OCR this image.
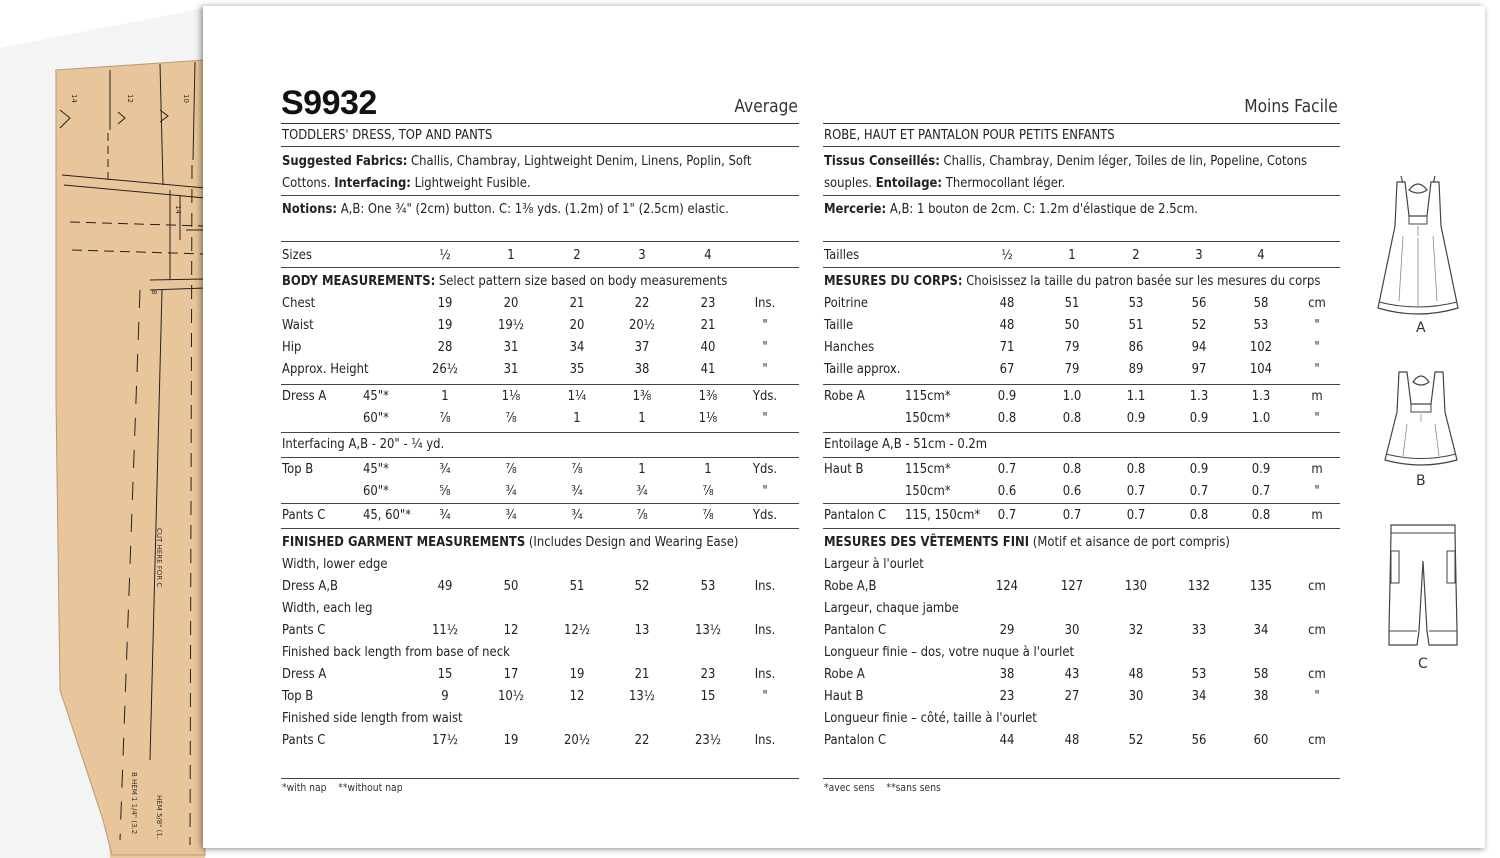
14	12	10
14
8
CUT HERE FOR C
B HEM 1 1/4" (3.2 HEM 5/8" (1.
S9932	Average
TODDLERS' DRESS, TOP AND PANTS
Suggested Fabrics: Challis, Chambray, Lightweight Denim, Linens, Poplin, Soft
Cottons. Interfacing: Lightweight Fusible.
Notions: A,B: One ¾" (2cm) button. C: 1⅜ yds. (1.2m) of 1" (2.5cm) elastic.
Moins Facile
ROBE, HAUT ET PANTALON POUR PETITS ENFANTS
Tissus Conseillés: Challis, Chambray, Denim léger, Toiles de lin, Popeline, Cotons
souples. Entoilage: Thermocollant léger.
Mercerie: A,B: 1 bouton de 2cm. C: 1.2m d'élastique de 2.5cm.
Sizes	½	1	2	3	4
BODY MEASUREMENTS: Select pattern size based on body measurements
Chest	19	20	21	22	23	Ins.
Waist	19	19½	20	20½	21	"
Hip	28	31	34	37	40	"
Approx. Height	26½	31	35	38	41	"
Dress A	45"*	1	1⅛	1¼	1⅜	1⅜	Yds.
60"*	⅞	⅞	1	1	1⅛	"
Interfacing A,B - 20" - ¼ yd.
Top B	45"*	¾	⅞	⅞	1	1	Yds.
60"*	⅝	¾	¾	¾	⅞	"
Pants C	45, 60"*	¾	¾	¾	⅞	⅞	Yds.
FINISHED GARMENT MEASUREMENTS (Includes Design and Wearing Ease)
Width, lower edge
Dress A,B	49	50	51	52	53	Ins.
Width, each leg
Pants C	11½	12	12½	13	13½	Ins.
Finished back length from base of neck
Dress A	15	17	19	21	23	Ins.
Top B	9	10½	12	13½	15	"
Finished side length from waist
Pants C	17½	19	20½	22	23½	Ins.
Tailles	½	1	2	3	4
MESURES DU CORPS: Choisissez la taille du patron basée sur les mesures du corps
Poitrine	48	51	53	56	58	cm
Taille	48	50	51	52	53	"
Hanches	71	79	86	94	102	"
Taille approx.	67	79	89	97	104	"
Robe A	115cm*	0.9	1.0	1.1	1.3	1.3	m
150cm*	0.8	0.8	0.9	0.9	1.0	"
Entoilage A,B - 51cm - 0.2m
Haut B	115cm*	0.7	0.8	0.8	0.9	0.9	m
150cm*	0.6	0.6	0.7	0.7	0.7	"
Pantalon C 115, 150cm*	0.7	0.7	0.7	0.8	0.8	m
MESURES DES VÊTEMENTS FINI (Motif et aisance de port compris)
Largeur à l'ourlet
Robe A,B	124	127	130	132	135	cm
Largeur, chaque jambe
Pantalon C	29	30	32	33	34	cm
Longueur finie – dos, votre nuque à l'ourlet
Robe A	38	43	48	53	58	cm
Haut B	23	27	30	34	38	"
Longueur finie – côté, taille à l'ourlet
Pantalon C	44	48	52	56	60	cm
*with nap    **without nap	*avec sens    **sans sens
A
B
C
